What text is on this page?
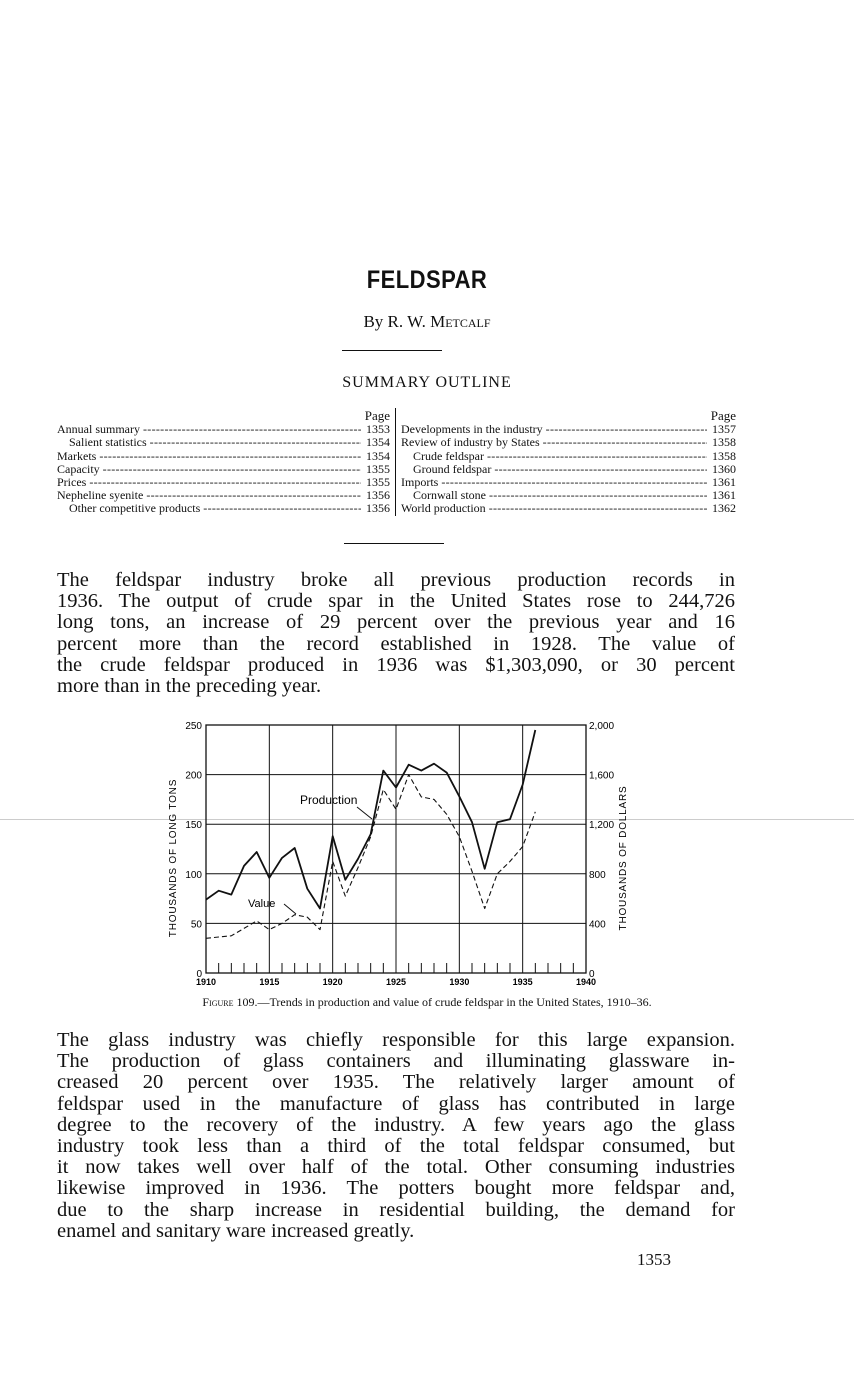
FELDSPAR
By R. W. Metcalf
SUMMARY OUTLINE
Page
Annual summary -----	1353
Salient statistics -----	1354
Markets -----	1354
Capacity -----	1355
Prices -----	1355
Nepheline syenite -----	1356
Other competitive products -----	1356
Page
Developments in the industry -----	1357
Review of industry by States -----	1358
Crude feldspar -----	1358
Ground feldspar -----	1360
Imports -----	1361
Cornwall stone -----	1361
World production -----	1362
The feldspar industry broke all previous production records in
1936. The output of crude spar in the United States rose to 244,726
long tons, an increase of 29 percent over the previous year and 16
percent more than the record established in 1928. The value of
the crude feldspar produced in 1936 was $1,303,090, or 30 percent
more than in the preceding year.
0
50
100
150
200
250
0
400
800
1,200
1,600
2,000
1910	1915	1920	1925	1930	1935	1940
THOUSANDS OF LONG TONS	THOUSANDS OF DOLLARS
Production
Value
Figure 109.—Trends in production and value of crude feldspar in the United States, 1910–36.
The glass industry was chiefly responsible for this large expansion.
The production of glass containers and illuminating glassware in-
creased 20 percent over 1935. The relatively larger amount of
feldspar used in the manufacture of glass has contributed in large
degree to the recovery of the industry. A few years ago the glass
industry took less than a third of the total feldspar consumed, but
it now takes well over half of the total. Other consuming industries
likewise improved in 1936. The potters bought more feldspar and,
due to the sharp increase in residential building, the demand for
enamel and sanitary ware increased greatly.
1353
